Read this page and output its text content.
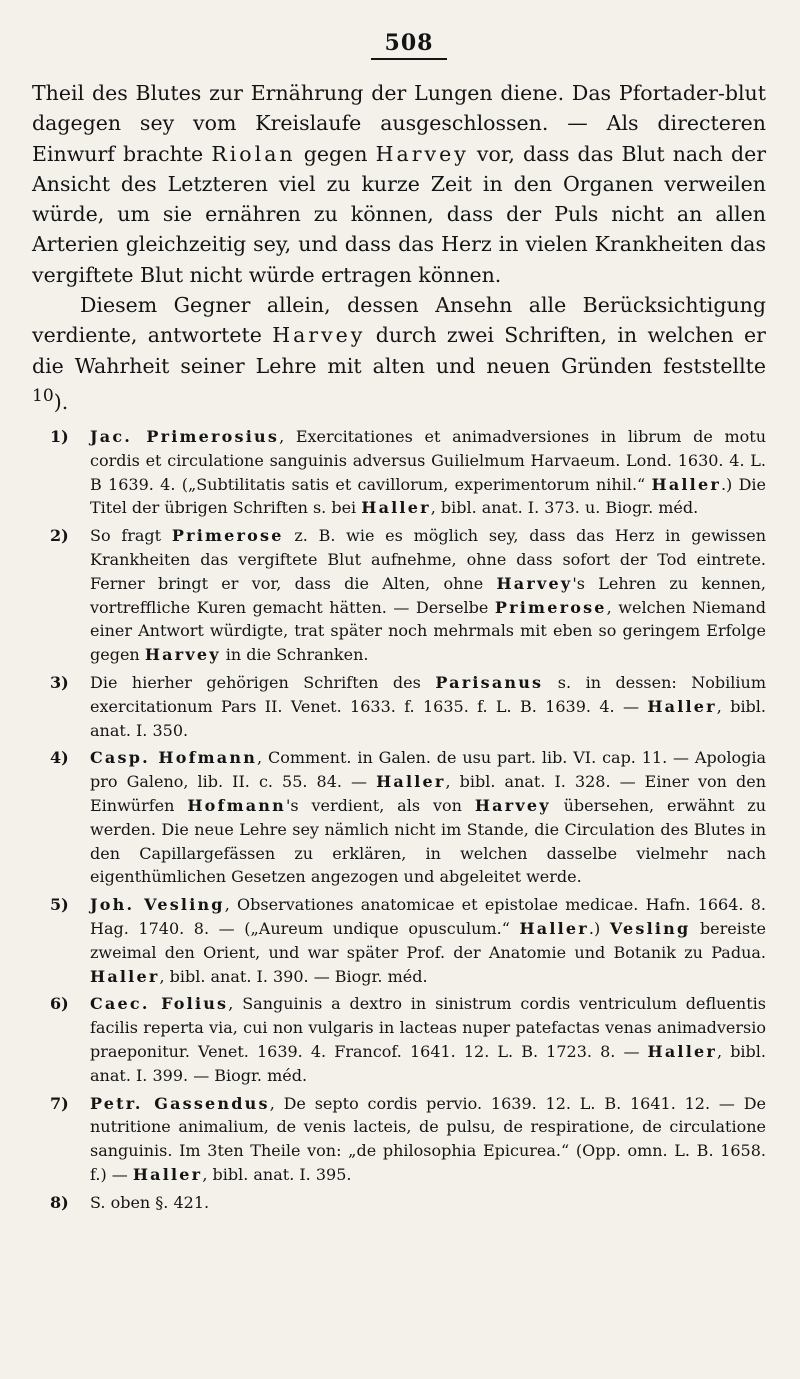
508

Theil des Blutes zur Ernährung der Lungen diene. Das Pfortader-blut dagegen sey vom Kreislaufe ausgeschlossen. — Als directeren Einwurf brachte Riolan gegen Harvey vor, dass das Blut nach der Ansicht des Letzteren viel zu kurze Zeit in den Organen verweilen würde, um sie ernähren zu können, dass der Puls nicht an allen Arterien gleichzeitig sey, und dass das Herz in vielen Krankheiten das vergiftete Blut nicht würde ertragen können.

Diesem Gegner allein, dessen Ansehn alle Berücksichtigung verdiente, antwortete Harvey durch zwei Schriften, in welchen er die Wahrheit seiner Lehre mit alten und neuen Gründen feststellte $^{10}$).

1)	Jac. Primerosius, Exercitationes et animadversiones in librum de motu cordis et circulatione sanguinis adversus Guilielmum Harvaeum. Lond. 1630. 4. L. B 1639. 4. („Subtilitatis satis et cavillorum, experimentorum nihil.“ Haller.) Die Titel der übrigen Schriften s. bei Haller, bibl. anat. I. 373. u. Biogr. méd.
2)	So fragt Primerose z. B. wie es möglich sey, dass das Herz in gewissen Krankheiten das vergiftete Blut aufnehme, ohne dass sofort der Tod eintrete. Ferner bringt er vor, dass die Alten, ohne Harvey's Lehren zu kennen, vortreffliche Kuren gemacht hätten. — Derselbe Primerose, welchen Niemand einer Antwort würdigte, trat später noch mehrmals mit eben so geringem Erfolge gegen Harvey in die Schranken.
3)	Die hierher gehörigen Schriften des Parisanus s. in dessen: Nobilium exercitationum Pars II. Venet. 1633. f. 1635. f. L. B. 1639. 4. — Haller, bibl. anat. I. 350.
4)	Casp. Hofmann, Comment. in Galen. de usu part. lib. VI. cap. 11. — Apologia pro Galeno, lib. II. c. 55. 84. — Haller, bibl. anat. I. 328. — Einer von den Einwürfen Hofmann's verdient, als von Harvey übersehen, erwähnt zu werden. Die neue Lehre sey nämlich nicht im Stande, die Circulation des Blutes in den Capillargefässen zu erklären, in welchen dasselbe vielmehr nach eigenthümlichen Gesetzen angezogen und abgeleitet werde.
5)	Joh. Vesling, Observationes anatomicae et epistolae medicae. Hafn. 1664. 8. Hag. 1740. 8. — („Aureum undique opusculum.“ Haller.) Vesling bereiste zweimal den Orient, und war später Prof. der Anatomie und Botanik zu Padua. Haller, bibl. anat. I. 390. — Biogr. méd.
6)	Caec. Folius, Sanguinis a dextro in sinistrum cordis ventriculum defluentis facilis reperta via, cui non vulgaris in lacteas nuper patefactas venas animadversio praeponitur. Venet. 1639. 4. Francof. 1641. 12. L. B. 1723. 8. — Haller, bibl. anat. I. 399. — Biogr. méd.
7)	Petr. Gassendus, De septo cordis pervio. 1639. 12. L. B. 1641. 12. — De nutritione animalium, de venis lacteis, de pulsu, de respiratione, de circulatione sanguinis. Im 3ten Theile von: „de philosophia Epicurea.“ (Opp. omn. L. B. 1658. f.) — Haller, bibl. anat. I. 395.
8)	S. oben §. 421.
